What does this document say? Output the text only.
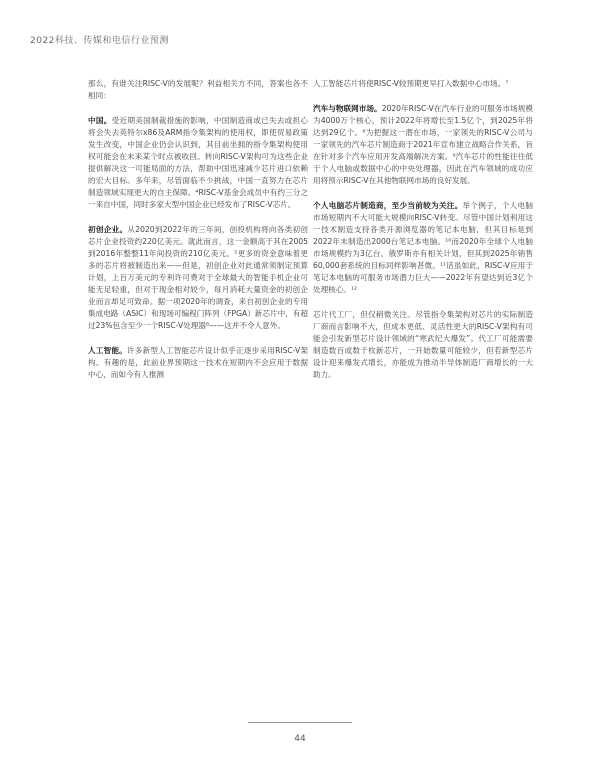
2022科技、传媒和电信行业预测

那么，有谁关注RISC-V的发展呢？利益相关方不同，答案也各不相同：

中国。受近期美国制裁措施的影响，中国制造商或已失去或担心将会失去英特尔x86及ARM指令集架构的使用权，即使贸易政策发生改变，中国企业仍会认识到，其目前坐拥的指令集架构使用权可能会在未来某个时点被收回。转向RISC-V架构可为这些企业提供解决这一可能局面的方法，帮助中国迅速减少芯片进口依赖的宏大目标。多年来，尽管面临不少挑战，中国一直努力在芯片制造领域实现更大的自主保障。⁴RISC-V基金会成员中有约三分之一来自中国，同时多家大型中国企业已经发布了RISC-V芯片。

初创企业。从2020到2022年的三年间，创投机构将向各类初创芯片企业投资约220亿美元。就此而言，这一金额高于其在2005到2016年整整11年间投资的210亿美元。⁵更多的资金意味着更多的芯片将被制造出来——但是，初创企业对此通常须制定预算计划，上百万美元的专利许可费对于全球最大的智能手机企业可能无足轻重，但对于现金相对较少，每月消耗大量资金的初创企业而言却足可致命。据一项2020年的调查，来自初创企业的专用集成电路（ASIC）和现场可编程门阵列（FPGA）新芯片中，有超过23%包含至少一个RISC-V处理器⁶——这并不令人意外。

人工智能。许多新型人工智能芯片设计似乎正逐步采用RISC-V架构。有趣的是，此前业界预期这一技术在短期内不会应用于数据中心，而如今有人推测

人工智能芯片将使RISC-V较预期更早打入数据中心市场。⁷

汽车与物联网市场。2020年RISC-V在汽车行业的可服务市场规模为4000万个核心，预计2022年将增长至1.5亿个，到2025年将达到29亿个。⁸为把握这一潜在市场，一家领先的RISC-V公司与一家领先的汽车芯片制造商于2021年宣布建立战略合作关系，旨在针对多个汽车应用开发高端解决方案。⁹汽车芯片的性能往往低于个人电脑或数据中心的中央处理器，因此在汽车领域的成功应用将预示RISC-V在其他物联网市场的良好发展。

个人电脑芯片制造商，至少当前较为关注。举个例子，个人电脑市场短期内不大可能大规模向RISC-V转变。尽管中国计划利用这一技术制造支持各类开源浏览器的笔记本电脑，但其目标是到2022年末制造出2000台笔记本电脑。¹⁰而2020年全球个人电脑市场规模约为3亿台。俄罗斯亦有相关计划，但其到2025年销售60,000套系统的目标同样影响甚微。¹¹话虽如此，RISC-V应用于笔记本电脑的可服务市场潜力巨大——2022年有望达到近3亿个处理核心。¹²

芯片代工厂，但仅稍微关注。尽管指令集架构对芯片的实际制造厂商而言影响不大，但成本更低、灵活性更大的RISC-V架构有可能会引发新型芯片设计领域的“寒武纪大爆发”。代工厂可能需要制造数百或数千枚新芯片，一开始数量可能较少，但若新型芯片设计迎来爆发式增长，亦能成为推动半导体制造厂商增长的一大助力。

44
